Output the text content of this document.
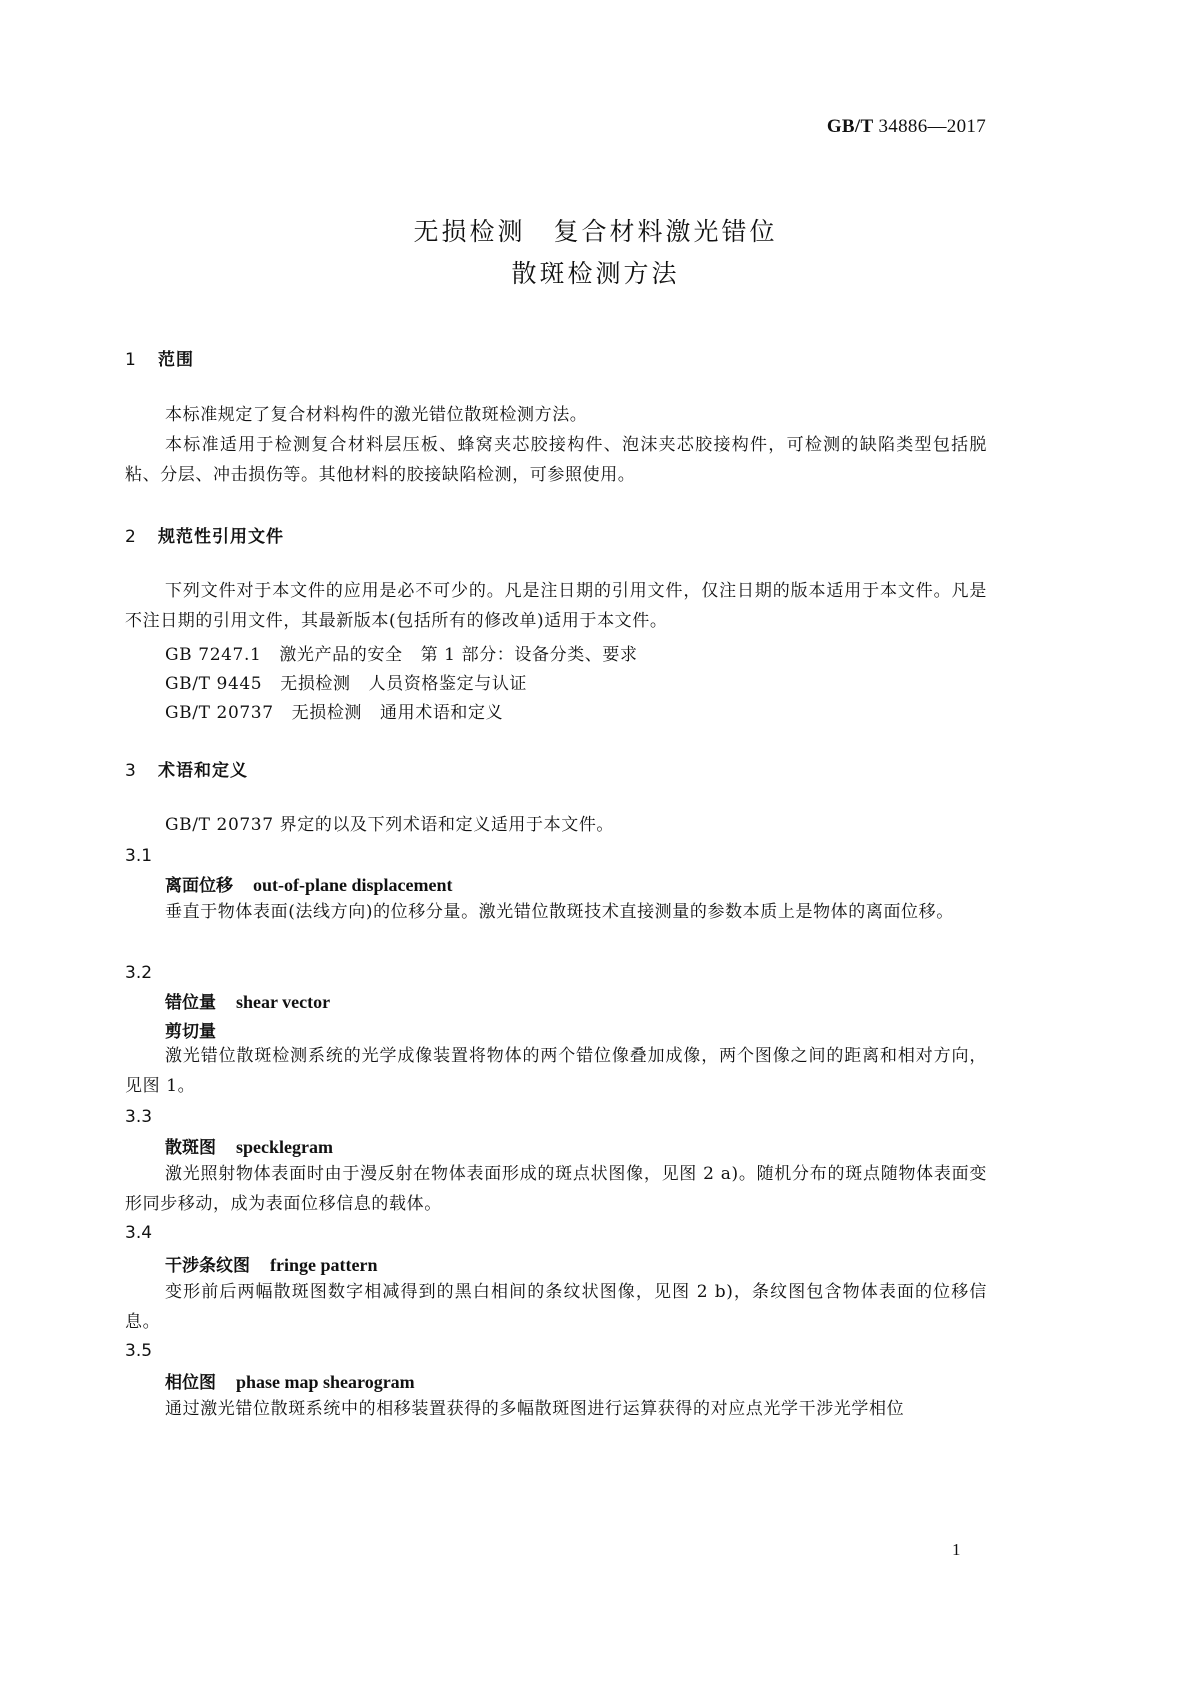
GB/T 34886—2017
无损检测　复合材料激光错位
散斑检测方法
1 范围
本标准规定了复合材料构件的激光错位散斑检测方法。
本标准适用于检测复合材料层压板、蜂窝夹芯胶接构件、泡沫夹芯胶接构件，可检测的缺陷类型包括脱粘、分层、冲击损伤等。其他材料的胶接缺陷检测，可参照使用。
2 规范性引用文件
下列文件对于本文件的应用是必不可少的。凡是注日期的引用文件，仅注日期的版本适用于本文件。凡是不注日期的引用文件，其最新版本(包括所有的修改单)适用于本文件。
GB 7247.1 激光产品的安全 第 1 部分：设备分类、要求
GB/T 9445 无损检测 人员资格鉴定与认证
GB/T 20737 无损检测 通用术语和定义
3 术语和定义
GB/T 20737 界定的以及下列术语和定义适用于本文件。
3.1
离面位移 out-of-plane displacement
垂直于物体表面(法线方向)的位移分量。激光错位散斑技术直接测量的参数本质上是物体的离面位移。
3.2
错位量 shear vector
剪切量
激光错位散斑检测系统的光学成像装置将物体的两个错位像叠加成像，两个图像之间的距离和相对方向，见图 1。
3.3
散斑图 specklegram
激光照射物体表面时由于漫反射在物体表面形成的斑点状图像，见图 2 a)。随机分布的斑点随物体表面变形同步移动，成为表面位移信息的载体。
3.4
干涉条纹图 fringe pattern
变形前后两幅散斑图数字相减得到的黑白相间的条纹状图像，见图 2 b)，条纹图包含物体表面的位移信息。
3.5
相位图 phase map shearogram
通过激光错位散斑系统中的相移装置获得的多幅散斑图进行运算获得的对应点光学干涉光学相位
1
